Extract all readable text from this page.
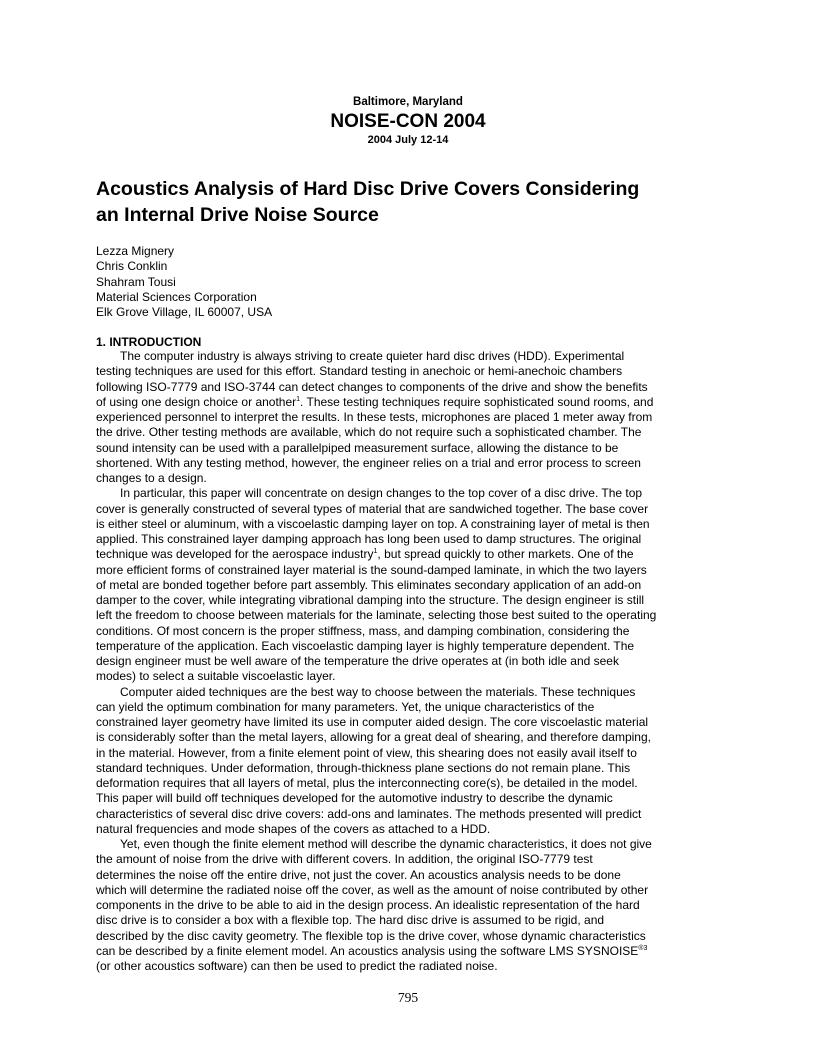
Baltimore, Maryland
NOISE-CON 2004
2004 July 12-14
Acoustics Analysis of Hard Disc Drive Covers Considering
an Internal Drive Noise Source
Lezza Mignery
Chris Conklin
Shahram Tousi
Material Sciences Corporation
Elk Grove Village, IL 60007, USA
1. INTRODUCTION

The computer industry is always striving to create quieter hard disc drives (HDD). Experimental
testing techniques are used for this effort. Standard testing in anechoic or hemi-anechoic chambers
following ISO-7779 and ISO-3744 can detect changes to components of the drive and show the benefits
of using one design choice or another$^1$. These testing techniques require sophisticated sound rooms, and
experienced personnel to interpret the results. In these tests, microphones are placed 1 meter away from
the drive. Other testing methods are available, which do not require such a sophisticated chamber. The
sound intensity can be used with a parallelpiped measurement surface, allowing the distance to be
shortened. With any testing method, however, the engineer relies on a trial and error process to screen
changes to a design.

In particular, this paper will concentrate on design changes to the top cover of a disc drive. The top
cover is generally constructed of several types of material that are sandwiched together. The base cover
is either steel or aluminum, with a viscoelastic damping layer on top. A constraining layer of metal is then
applied. This constrained layer damping approach has long been used to damp structures. The original
technique was developed for the aerospace industry$^1$, but spread quickly to other markets. One of the
more efficient forms of constrained layer material is the sound-damped laminate, in which the two layers
of metal are bonded together before part assembly. This eliminates secondary application of an add-on
damper to the cover, while integrating vibrational damping into the structure. The design engineer is still
left the freedom to choose between materials for the laminate, selecting those best suited to the operating
conditions. Of most concern is the proper stiffness, mass, and damping combination, considering the
temperature of the application. Each viscoelastic damping layer is highly temperature dependent. The
design engineer must be well aware of the temperature the drive operates at (in both idle and seek
modes) to select a suitable viscoelastic layer.

Computer aided techniques are the best way to choose between the materials. These techniques
can yield the optimum combination for many parameters. Yet, the unique characteristics of the
constrained layer geometry have limited its use in computer aided design. The core viscoelastic material
is considerably softer than the metal layers, allowing for a great deal of shearing, and therefore damping,
in the material. However, from a finite element point of view, this shearing does not easily avail itself to
standard techniques. Under deformation, through-thickness plane sections do not remain plane. This
deformation requires that all layers of metal, plus the interconnecting core(s), be detailed in the model.
This paper will build off techniques developed for the automotive industry to describe the dynamic
characteristics of several disc drive covers: add-ons and laminates. The methods presented will predict
natural frequencies and mode shapes of the covers as attached to a HDD.

Yet, even though the finite element method will describe the dynamic characteristics, it does not give
the amount of noise from the drive with different covers. In addition, the original ISO-7779 test
determines the noise off the entire drive, not just the cover. An acoustics analysis needs to be done
which will determine the radiated noise off the cover, as well as the amount of noise contributed by other
components in the drive to be able to aid in the design process. An idealistic representation of the hard
disc drive is to consider a box with a flexible top. The hard disc drive is assumed to be rigid, and
described by the disc cavity geometry. The flexible top is the drive cover, whose dynamic characteristics
can be described by a finite element model. An acoustics analysis using the software LMS $SYSNOISE^{®3}$
(or other acoustics software) can then be used to predict the radiated noise.

795
